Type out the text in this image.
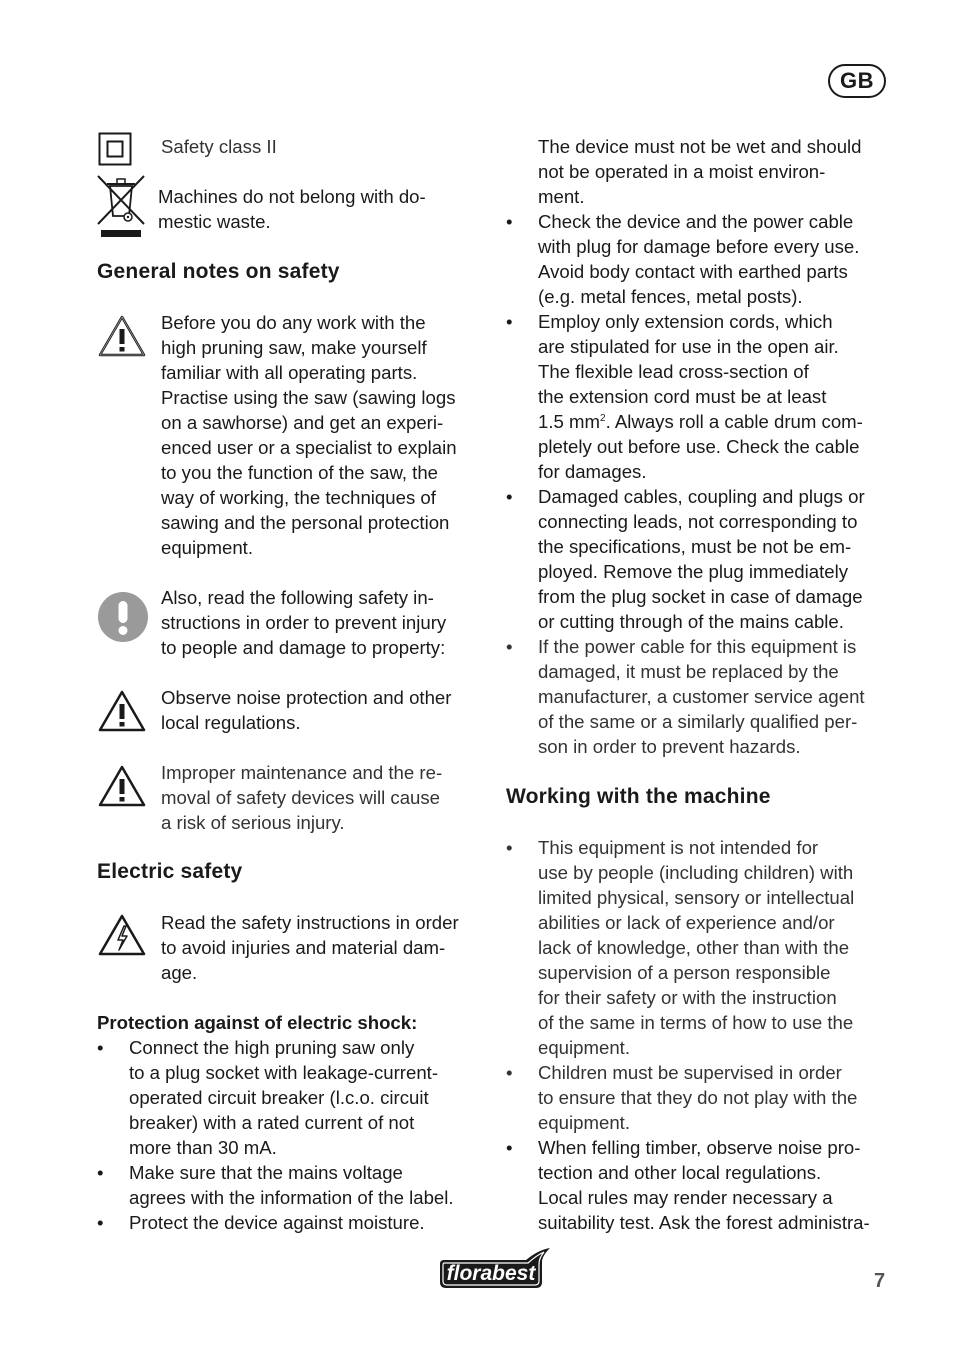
GB
Safety class II
Machines do not belong with do-
mestic waste.
General notes on safety
Before you do any work with the
high pruning saw, make yourself
familiar with all operating parts.
Practise using the saw (sawing logs
on a sawhorse) and get an experi-
enced user or a specialist to explain
to you the function of the saw, the
way of working, the techniques of
sawing and the personal protection
equipment.
Also, read the following safety in-
structions in order to prevent injury
to people and damage to property:
Observe noise protection and other
local regulations.
Improper maintenance and the re-
moval of safety devices will cause
a risk of serious injury.
Electric safety
Read the safety instructions in order
to avoid injuries and material dam-
age.
Protection against of electric shock:
• Connect the high pruning saw only
to a plug socket with leakage-current-
operated circuit breaker (l.c.o. circuit
breaker) with a rated current of not
more than 30 mA.
• Make sure that the mains voltage
agrees with the information of the label.
• Protect the device against moisture.
The device must not be wet and should
not be operated in a moist environ-
ment.
• Check the device and the power cable
with plug for damage before every use.
Avoid body contact with earthed parts
(e.g. metal fences, metal posts).
• Employ only extension cords, which
are stipulated for use in the open air.
The flexible lead cross-section of
the extension cord must be at least
1.5 $mm^2$. Always roll a cable drum com-
pletely out before use. Check the cable
for damages.
• Damaged cables, coupling and plugs or
connecting leads, not corresponding to
the specifications, must be not be em-
ployed. Remove the plug immediately
from the plug socket in case of damage
or cutting through of the mains cable.
• If the power cable for this equipment is
damaged, it must be replaced by the
manufacturer, a customer service agent
of the same or a similarly qualified per-
son in order to prevent hazards.
Working with the machine
• This equipment is not intended for
use by people (including children) with
limited physical, sensory or intellectual
abilities or lack of experience and/or
lack of knowledge, other than with the
supervision of a person responsible
for their safety or with the instruction
of the same in terms of how to use the
equipment.
• Children must be supervised in order
to ensure that they do not play with the
equipment.
• When felling timber, observe noise pro-
tection and other local regulations.
Local rules may render necessary a
suitability test. Ask the forest administra-
florabest	7
